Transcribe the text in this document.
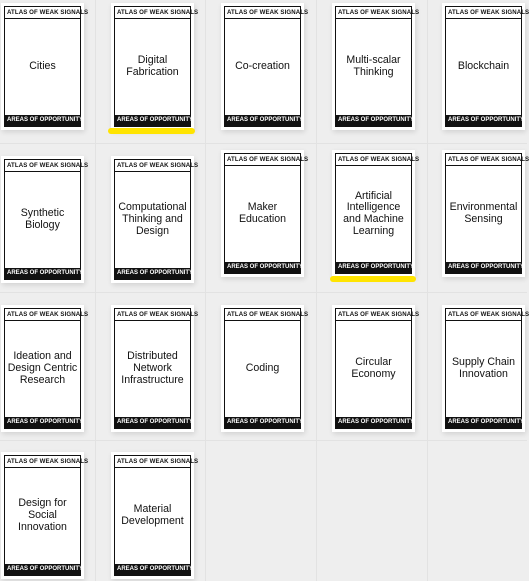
ATLAS OF WEAK SIGNALS
Cities
AREAS OF OPPORTUNITY
ATLAS OF WEAK SIGNALS
Digital Fabrication
AREAS OF OPPORTUNITY
ATLAS OF WEAK SIGNALS
Co-creation
AREAS OF OPPORTUNITY
ATLAS OF WEAK SIGNALS
Multi-scalar Thinking
AREAS OF OPPORTUNITY
ATLAS OF WEAK SIGNALS
Blockchain
AREAS OF OPPORTUNITY
ATLAS OF WEAK SIGNALS
Synthetic Biology
AREAS OF OPPORTUNITY
ATLAS OF WEAK SIGNALS
Computational Thinking and Design
AREAS OF OPPORTUNITY
ATLAS OF WEAK SIGNALS
Maker Education
AREAS OF OPPORTUNITY
ATLAS OF WEAK SIGNALS
Artificial Intelligence and Machine Learning
AREAS OF OPPORTUNITY
ATLAS OF WEAK SIGNALS
Environmental Sensing
AREAS OF OPPORTUNITY
ATLAS OF WEAK SIGNALS
Ideation and Design Centric Research
AREAS OF OPPORTUNITY
ATLAS OF WEAK SIGNALS
Distributed Network Infrastructure
AREAS OF OPPORTUNITY
ATLAS OF WEAK SIGNALS
Coding
AREAS OF OPPORTUNITY
ATLAS OF WEAK SIGNALS
Circular Economy
AREAS OF OPPORTUNITY
ATLAS OF WEAK SIGNALS
Supply Chain Innovation
AREAS OF OPPORTUNITY
ATLAS OF WEAK SIGNALS
Design for Social Innovation
AREAS OF OPPORTUNITY
ATLAS OF WEAK SIGNALS
Material Development
AREAS OF OPPORTUNITY
